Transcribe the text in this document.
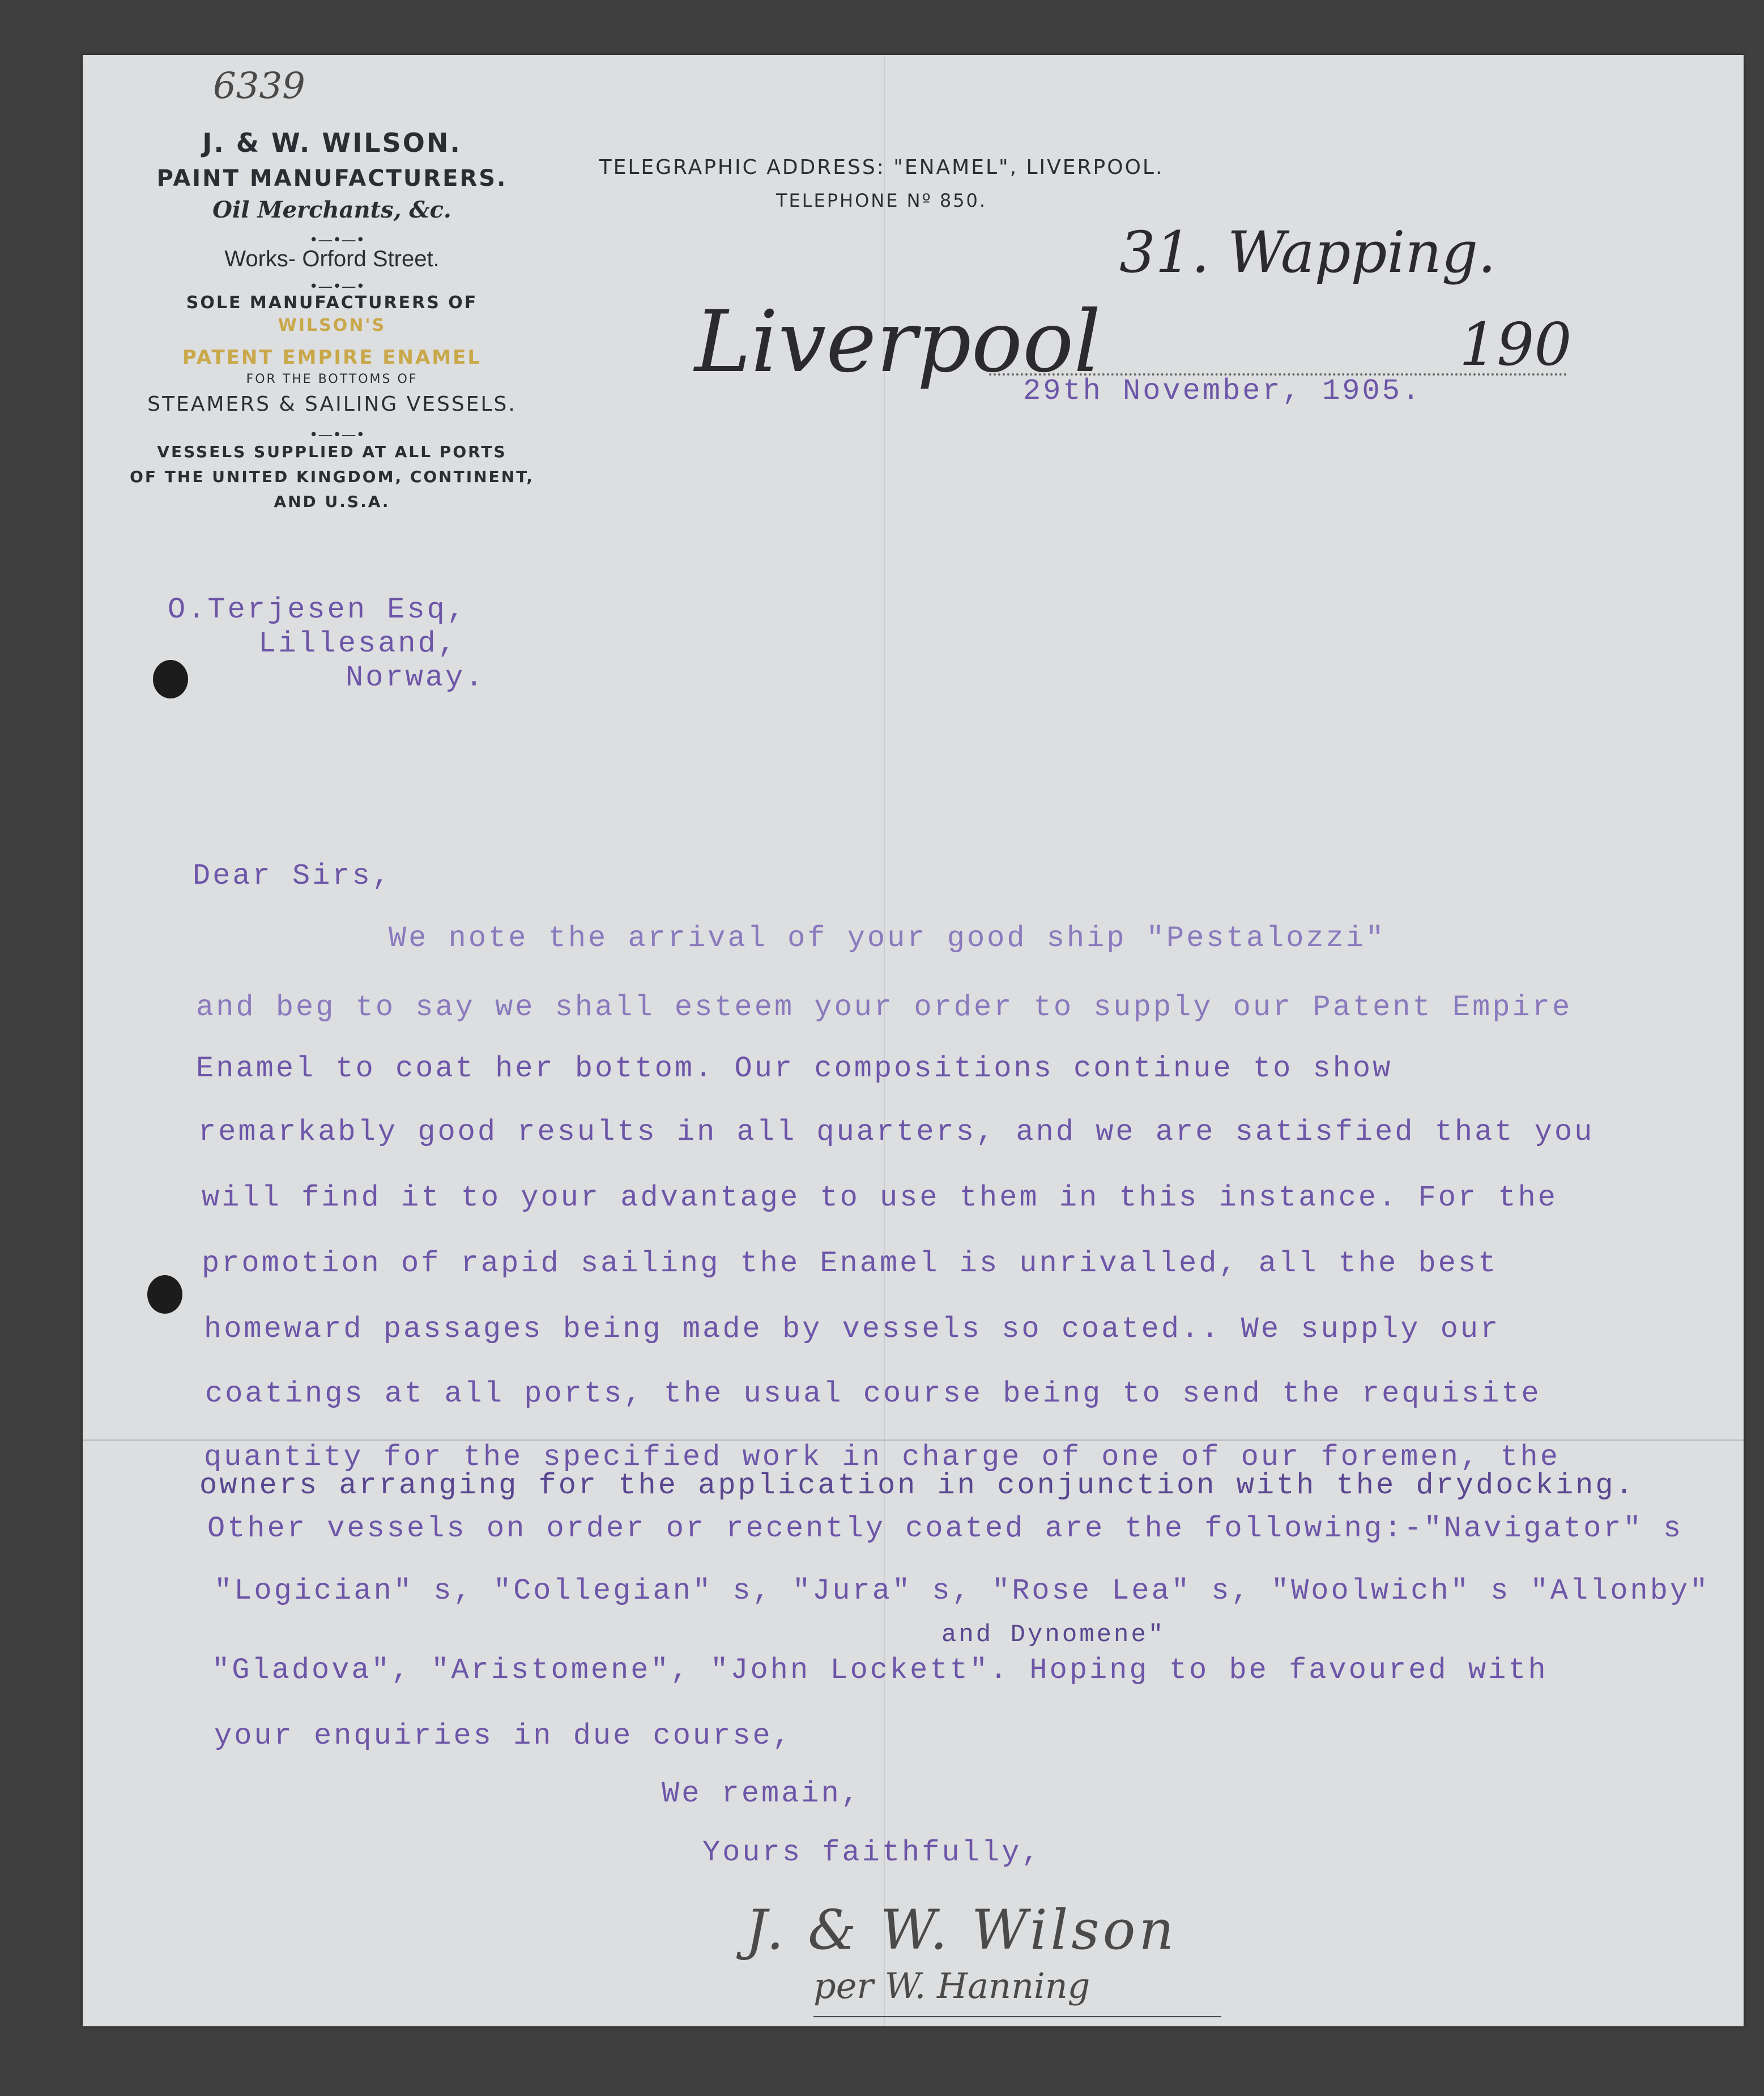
6339
J. & W. WILSON.
PAINT MANUFACTURERS.
Oil Merchants, &c.
•—•—•
Works- Orford Street.
•—•—•
SOLE MANUFACTURERS OF
WILSON'S
PATENT EMPIRE ENAMEL
FOR THE BOTTOMS OF
STEAMERS & SAILING VESSELS.
•—•—•
VESSELS SUPPLIED AT ALL PORTS
OF THE UNITED KINGDOM, CONTINENT,
AND U.S.A.
TELEGRAPHIC ADDRESS: "ENAMEL", LIVERPOOL.
TELEPHONE Nº 850.
31. Wapping.
Liverpool	190
29th November, 1905.
O.Terjesen Esq,
Lillesand,
Norway.
Dear Sirs,
We note the arrival of your good ship "Pestalozzi"
and beg to say we shall esteem your order to supply our Patent Empire
Enamel to coat her bottom. Our compositions continue to show
remarkably good results in all quarters, and we are satisfied that you
will find it to your advantage to use them in this instance. For the
promotion of rapid sailing the Enamel is unrivalled, all the best
homeward passages being made by vessels so coated.. We supply our
coatings at all ports, the usual course being to send the requisite
quantity for the specified work in charge of one of our foremen, the
owners arranging for the application in conjunction with the drydocking.
Other vessels on order or recently coated are the following:-"Navigator" s
"Logician" s, "Collegian" s, "Jura" s, "Rose Lea" s, "Woolwich" s "Allonby"
and Dynomene"
"Gladova", "Aristomene", "John Lockett". Hoping to be favoured with
your enquiries in due course,
We remain,
Yours faithfully,
J. & W. Wilson
per W. Hanning
